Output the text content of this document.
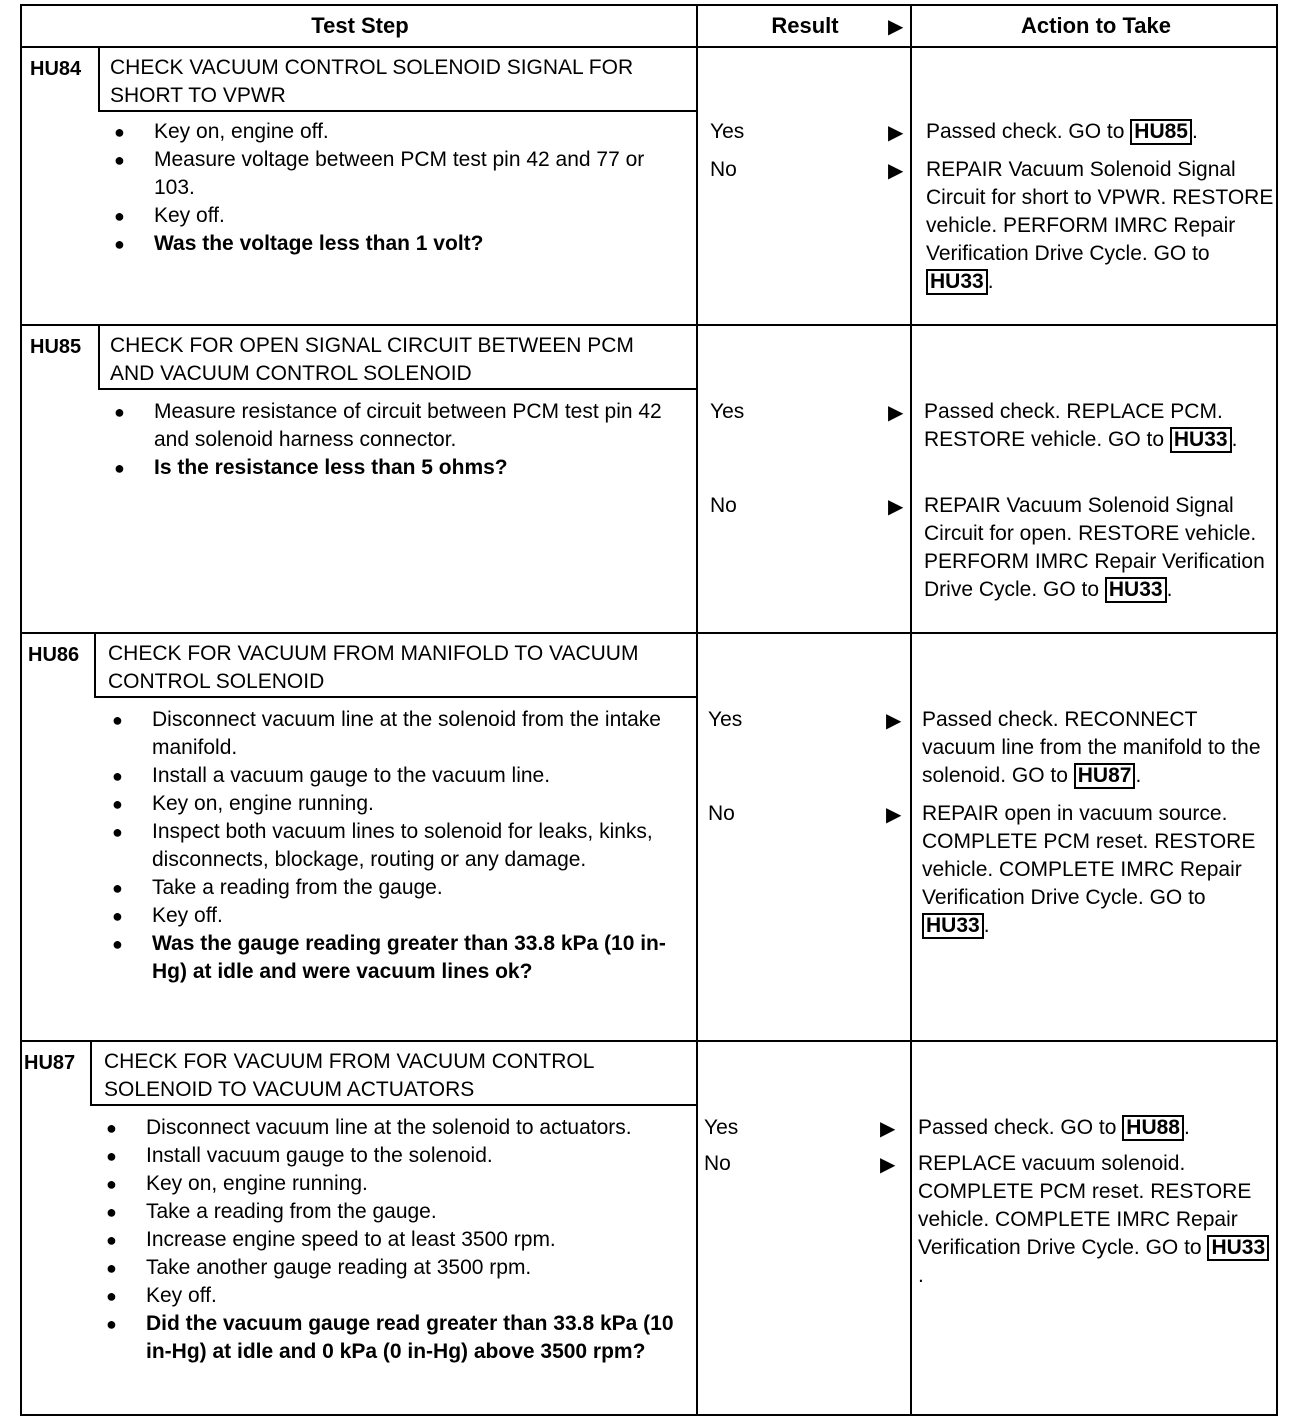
Test Step	Result ▶	Action to Take
HU84 CHECK VACUUM CONTROL SOLENOID SIGNAL FOR SHORT TO VPWR
● Key on, engine off.
● Measure voltage between PCM test pin 42 and 77 or 103.
● Key off.
● Was the voltage less than 1 volt?
Yes	▶ Passed check. GO to HU85 .
No	▶ REPAIR Vacuum Solenoid Signal Circuit for short to VPWR. RESTORE vehicle. PERFORM IMRC Repair Verification Drive Cycle. GO to HU33 .
HU85 CHECK FOR OPEN SIGNAL CIRCUIT BETWEEN PCM AND VACUUM CONTROL SOLENOID
● Measure resistance of circuit between PCM test pin 42 and solenoid harness connector.
● Is the resistance less than 5 ohms?
Yes	▶ Passed check. REPLACE PCM. RESTORE vehicle. GO to HU33 .
No	▶ REPAIR Vacuum Solenoid Signal Circuit for open. RESTORE vehicle. PERFORM IMRC Repair Verification Drive Cycle. GO to HU33 .
HU86 CHECK FOR VACUUM FROM MANIFOLD TO VACUUM CONTROL SOLENOID
● Disconnect vacuum line at the solenoid from the intake manifold.
● Install a vacuum gauge to the vacuum line.
● Key on, engine running.
● Inspect both vacuum lines to solenoid for leaks, kinks, disconnects, blockage, routing or any damage.
● Take a reading from the gauge.
● Key off.
● Was the gauge reading greater than 33.8 kPa (10 in-Hg) at idle and were vacuum lines ok?
Yes	▶ Passed check. RECONNECT vacuum line from the manifold to the solenoid. GO to HU87 .
No	▶ REPAIR open in vacuum source. COMPLETE PCM reset. RESTORE vehicle. COMPLETE IMRC Repair Verification Drive Cycle. GO to HU33 .
HU87 CHECK FOR VACUUM FROM VACUUM CONTROL SOLENOID TO VACUUM ACTUATORS
● Disconnect vacuum line at the solenoid to actuators.
● Install vacuum gauge to the solenoid.
● Key on, engine running.
● Take a reading from the gauge.
● Increase engine speed to at least 3500 rpm.
● Take another gauge reading at 3500 rpm.
● Key off.
● Did the vacuum gauge read greater than 33.8 kPa (10 in-Hg) at idle and 0 kPa (0 in-Hg) above 3500 rpm?
Yes	▶ Passed check. GO to HU88 .
No	▶ REPLACE vacuum solenoid. COMPLETE PCM reset. RESTORE vehicle. COMPLETE IMRC Repair Verification Drive Cycle. GO to HU33.
